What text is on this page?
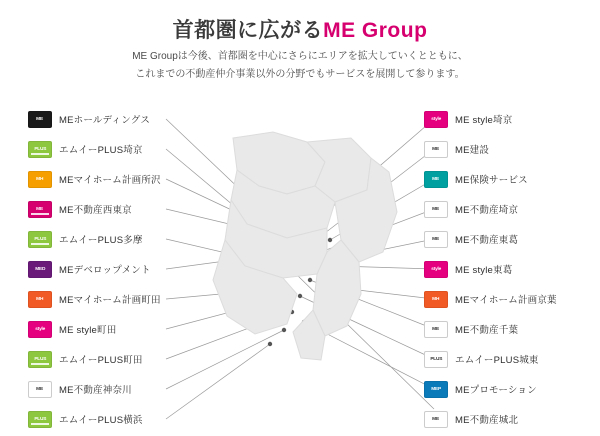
首都圏に広がるME Group
ME Groupは今後、首都圏を中心にさらにエリアを拡大していくとともに、
これまでの不動産仲介事業以外の分野でもサービスを展開して参ります。
ME MEホールディングス
PLUS エムイーPLUS埼京
MH MEマイホーム計画所沢
ME ME不動産西東京
PLUS エムイーPLUS多摩
MED MEデベロップメント
MH MEマイホーム計画町田
style ME style町田
PLUS エムイーPLUS町田
ME ME不動産神奈川
PLUS エムイーPLUS横浜
style ME style埼京
ME ME建設
ME ME保険サービス
ME ME不動産埼京
ME ME不動産東葛
style ME style東葛
MH MEマイホーム計画京葉
ME ME不動産千葉
PLUS エムイーPLUS城東
MEP MEプロモーション
ME ME不動産城北
